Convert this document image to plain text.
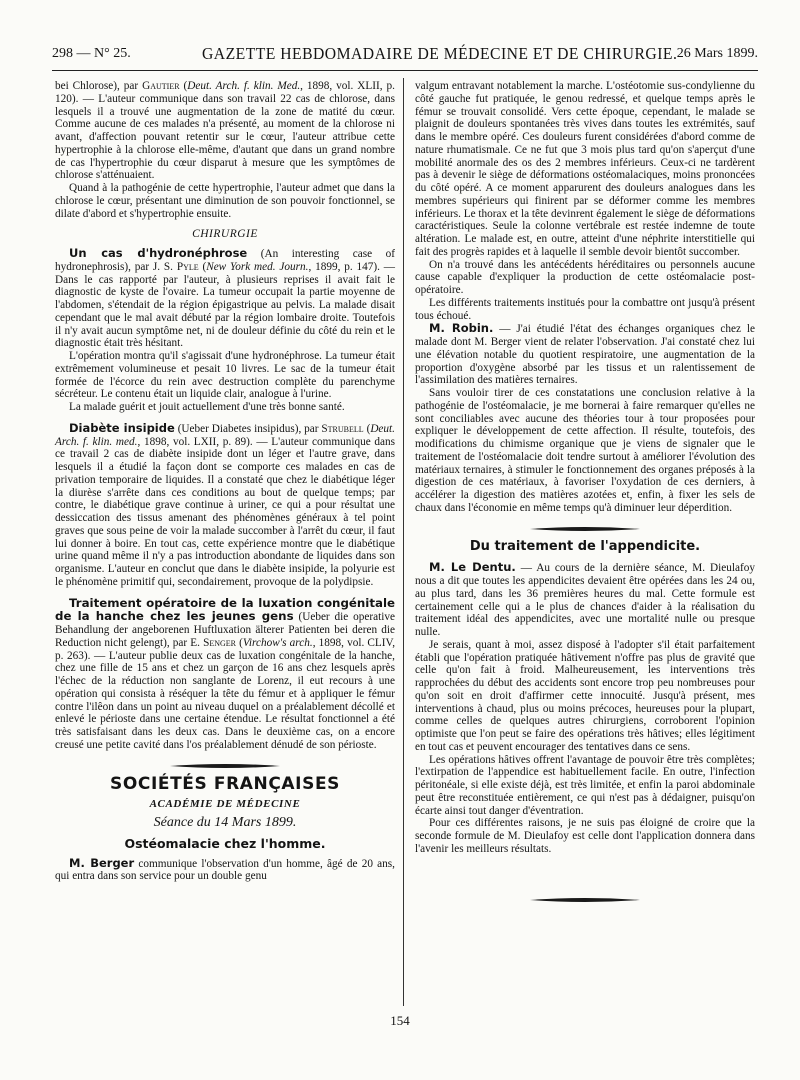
298 — N° 25.	GAZETTE HEBDOMADAIRE DE MÉDECINE ET DE CHIRURGIE. 26 Mars 1899.

bei Chlorose), par Gautier (Deut. Arch. f. klin. Med., 1898, vol. XLII, p. 120). — L'auteur communique dans son travail 22 cas de chlorose, dans lesquels il a trouvé une augmentation de la zone de matité du cœur. Comme aucune de ces malades n'a présenté, au moment de la chlorose ni avant, d'affection pouvant retentir sur le cœur, l'auteur attribue cette hypertrophie à la chlorose elle-même, d'autant que dans un grand nombre de cas l'hypertrophie du cœur disparut à mesure que les symptômes de chlorose s'atténuaient.

Quand à la pathogénie de cette hypertrophie, l'auteur admet que dans la chlorose le cœur, présentant une diminution de son pouvoir fonctionnel, se dilate d'abord et s'hypertrophie ensuite.

CHIRURGIE

Un cas d'hydronéphrose (An interesting case of hydronephrosis), par J. S. Pyle (New York med. Journ., 1899, p. 147). — Dans le cas rapporté par l'auteur, à plusieurs reprises il avait fait le diagnostic de kyste de l'ovaire. La tumeur occupait la partie moyenne de l'abdomen, s'étendait de la région épigastrique au pelvis. La malade disait cependant que le mal avait débuté par la région lombaire droite. Toutefois il n'y avait aucun symptôme net, ni de douleur définie du côté du rein et le diagnostic était très hésitant.

L'opération montra qu'il s'agissait d'une hydronéphrose. La tumeur était extrêmement volumineuse et pesait 10 livres. Le sac de la tumeur était formée de l'écorce du rein avec destruction complète du parenchyme sécréteur. Le contenu était un liquide clair, analogue à l'urine.

La malade guérit et jouit actuellement d'une très bonne santé.

Diabète insipide (Ueber Diabetes insipidus), par Strubell (Deut. Arch. f. klin. med., 1898, vol. LXII, p. 89). — L'auteur communique dans ce travail 2 cas de diabète insipide dont un léger et l'autre grave, dans lesquels il a étudié la façon dont se comporte ces malades en cas de privation temporaire de liquides. Il a constaté que chez le diabétique léger la diurèse s'arrête dans ces conditions au bout de quelque temps; par contre, le diabétique grave continue à uriner, ce qui a pour résultat une dessiccation des tissus amenant des phénomènes généraux à tel point graves que sous peine de voir la malade succomber à l'arrêt du cœur, il faut lui donner à boire. En tout cas, cette expérience montre que le diabétique urine quand même il n'y a pas introduction abondante de liquides dans son organisme. L'auteur en conclut que dans le diabète insipide, la polyurie est le phénomène primitif qui, secondairement, provoque de la polydipsie.

Traitement opératoire de la luxation congénitale de la hanche chez les jeunes gens (Ueber die operative Behandlung der angeborenen Huftluxation älterer Patienten bei deren die Reduction nicht gelengt), par E. Senger (Virchow's arch., 1898, vol. CLIV, p. 263). — L'auteur publie deux cas de luxation congénitale de la hanche, chez une fille de 15 ans et chez un garçon de 16 ans chez lesquels après l'échec de la réduction non sanglante de Lorenz, il eut recours à une opération qui consista à réséquer la tête du fémur et à appliquer le fémur contre l'ilêon dans un point au niveau duquel on a préalablement décollé et enlevé le périoste dans une certaine étendue. Le résultat fonctionnel a été très satisfaisant dans les deux cas. Dans le deuxième cas, on a encore creusé une petite cavité dans l'os préalablement dénudé de son périoste.

SOCIÉTÉS FRANÇAISES
ACADÉMIE DE MÉDECINE
Séance du 14 Mars 1899.
Ostéomalacie chez l'homme.

M. Berger communique l'observation d'un homme, âgé de 20 ans, qui entra dans son service pour un double genu

valgum entravant notablement la marche. L'ostéotomie sus-condylienne du côté gauche fut pratiquée, le genou redressé, et quelque temps après le fémur se trouvait consolidé. Vers cette époque, cependant, le malade se plaignit de douleurs spontanées très vives dans toutes les extrémités, sauf dans le membre opéré. Ces douleurs furent considérées d'abord comme de nature rhumatismale. Ce ne fut que 3 mois plus tard qu'on s'aperçut d'une mobilité anormale des os des 2 membres inférieurs. Ceux-ci ne tardèrent pas à devenir le siège de déformations ostéomalaciques, moins prononcées du côté opéré. A ce moment apparurent des douleurs analogues dans les membres supérieurs qui finirent par se déformer comme les membres inférieurs. Le thorax et la tête devinrent également le siège de déformations caractéristiques. Seule la colonne vertébrale est restée indemne de toute altération. Le malade est, en outre, atteint d'une néphrite interstitielle qui fait des progrès rapides et à laquelle il semble devoir bientôt succomber.

On n'a trouvé dans les antécédents héréditaires ou personnels aucune cause capable d'expliquer la production de cette ostéomalacie post-opératoire.

Les différents traitements institués pour la combattre ont jusqu'à présent tous échoué.

M. Robin. — J'ai étudié l'état des échanges organiques chez le malade dont M. Berger vient de relater l'observation. J'ai constaté chez lui une élévation notable du quotient respiratoire, une augmentation de la proportion d'oxygène absorbé par les tissus et un ralentissement de l'assimilation des matières ternaires.

Sans vouloir tirer de ces constatations une conclusion relative à la pathogénie de l'ostéomalacie, je me bornerai à faire remarquer qu'elles ne sont conciliables avec aucune des théories tour à tour proposées pour expliquer le développement de cette affection. Il résulte, toutefois, des modifications du chimisme organique que je viens de signaler que le traitement de l'ostéomalacie doit tendre surtout à améliorer l'évolution des matériaux ternaires, à stimuler le fonctionnement des organes préposés à la digestion de ces matériaux, à favoriser l'oxydation de ces derniers, à accélérer la digestion des matières azotées et, enfin, à fixer les sels de chaux dans l'économie en même temps qu'à diminuer leur déperdition.

Du traitement de l'appendicite.

M. Le Dentu. — Au cours de la dernière séance, M. Dieulafoy nous a dit que toutes les appendicites devaient être opérées dans les 24 ou, au plus tard, dans les 36 premières heures du mal. Cette formule est certainement celle qui a le plus de chances d'aider à la réalisation du traitement idéal des appendicites, avec une mortalité nulle ou presque nulle.

Je serais, quant à moi, assez disposé à l'adopter s'il était parfaitement établi que l'opération pratiquée hâtivement n'offre pas plus de gravité que celle qu'on fait à froid. Malheureusement, les interventions très rapprochées du début des accidents sont encore trop peu nombreuses pour qu'on soit en droit d'affirmer cette innocuité. Jusqu'à présent, mes interventions à chaud, plus ou moins précoces, heureuses pour la plupart, comme celles de quelques autres chirurgiens, corroborent l'opinion optimiste que l'on peut se faire des opérations très hâtives; elles légitiment en tout cas et peuvent encourager des tentatives dans ce sens.

Les opérations hâtives offrent l'avantage de pouvoir être très complètes; l'extirpation de l'appendice est habituellement facile. En outre, l'infection péritonéale, si elle existe déjà, est très limitée, et enfin la paroi abdominale peut être reconstituée entièrement, ce qui n'est pas à dédaigner, puisqu'on écarte ainsi tout danger d'éventration.

Pour ces différentes raisons, je ne suis pas éloigné de croire que la seconde formule de M. Dieulafoy est celle dont l'application donnera dans l'avenir les meilleurs résultats.

154
